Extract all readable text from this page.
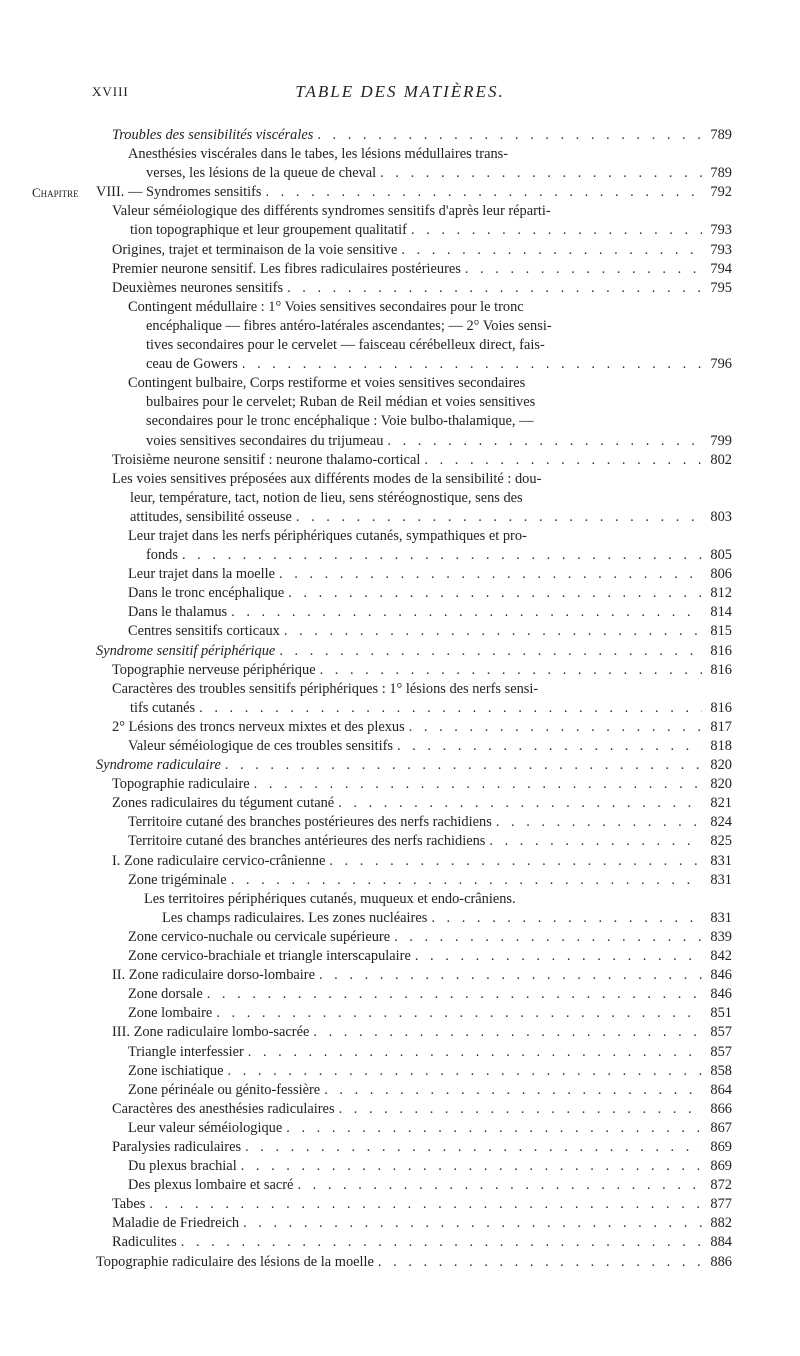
XVIII	TABLE DES MATIÈRES.
Troubles des sensibilités viscérales . . .	789
Anesthésies viscérales dans le tabes, les lésions médullaires trans-
verses, les lésions de la queue de cheval . . .	789
Chapitre VIII. — Syndromes sensitifs . . .	792
Valeur séméiologique des différents syndromes sensitifs d'après leur réparti-
tion topographique et leur groupement qualitatif . . .	793
Origines, trajet et terminaison de la voie sensitive . . .	793
Premier neurone sensitif. Les fibres radiculaires postérieures . . .	794
Deuxièmes neurones sensitifs . . .	795
Contingent médullaire : 1° Voies sensitives secondaires pour le tronc
encéphalique — fibres antéro-latérales ascendantes; — 2° Voies sensi-
tives secondaires pour le cervelet — faisceau cérébelleux direct, fais-
ceau de Gowers . . .	796
Contingent bulbaire, Corps restiforme et voies sensitives secondaires
bulbaires pour le cervelet; Ruban de Reil médian et voies sensitives
secondaires pour le tronc encéphalique : Voie bulbo-thalamique, —
voies sensitives secondaires du trijumeau . . .	799
Troisième neurone sensitif : neurone thalamo-cortical . . .	802
Les voies sensitives préposées aux différents modes de la sensibilité : dou-
leur, température, tact, notion de lieu, sens stéréognostique, sens des
attitudes, sensibilité osseuse . . .	803
Leur trajet dans les nerfs périphériques cutanés, sympathiques et pro-
fonds . . .	805
Leur trajet dans la moelle . . .	806
Dans le tronc encéphalique . . .	812
Dans le thalamus . . .	814
Centres sensitifs corticaux . . .	815
Syndrome sensitif périphérique . . .	816
Topographie nerveuse périphérique . . .	816
Caractères des troubles sensitifs périphériques : 1° lésions des nerfs sensi-
tifs cutanés . . .	816
2° Lésions des troncs nerveux mixtes et des plexus . . .	817
Valeur séméiologique de ces troubles sensitifs . . .	818
Syndrome radiculaire . . .	820
Topographie radiculaire . . .	820
Zones radiculaires du tégument cutané . . .	821
Territoire cutané des branches postérieures des nerfs rachidiens . . .	824
Territoire cutané des branches antérieures des nerfs rachidiens . . .	825
I. Zone radiculaire cervico-crânienne . . .	831
Zone trigéminale . . .	831
Les territoires périphériques cutanés, muqueux et endo-crâniens.
Les champs radiculaires. Les zones nucléaires . . .	831
Zone cervico-nuchale ou cervicale supérieure . . .	839
Zone cervico-brachiale et triangle interscapulaire . . .	842
II. Zone radiculaire dorso-lombaire . . .	846
Zone dorsale . . .	846
Zone lombaire . . .	851
III. Zone radiculaire lombo-sacrée . . .	857
Triangle interfessier . . .	857
Zone ischiatique . . .	858
Zone périnéale ou génito-fessière . . .	864
Caractères des anesthésies radiculaires . . .	866
Leur valeur séméiologique . . .	867
Paralysies radiculaires . . .	869
Du plexus brachial . . .	869
Des plexus lombaire et sacré . . .	872
Tabes . . .	877
Maladie de Friedreich . . .	882
Radiculites . . .	884
Topographie radiculaire des lésions de la moelle . . .	886
